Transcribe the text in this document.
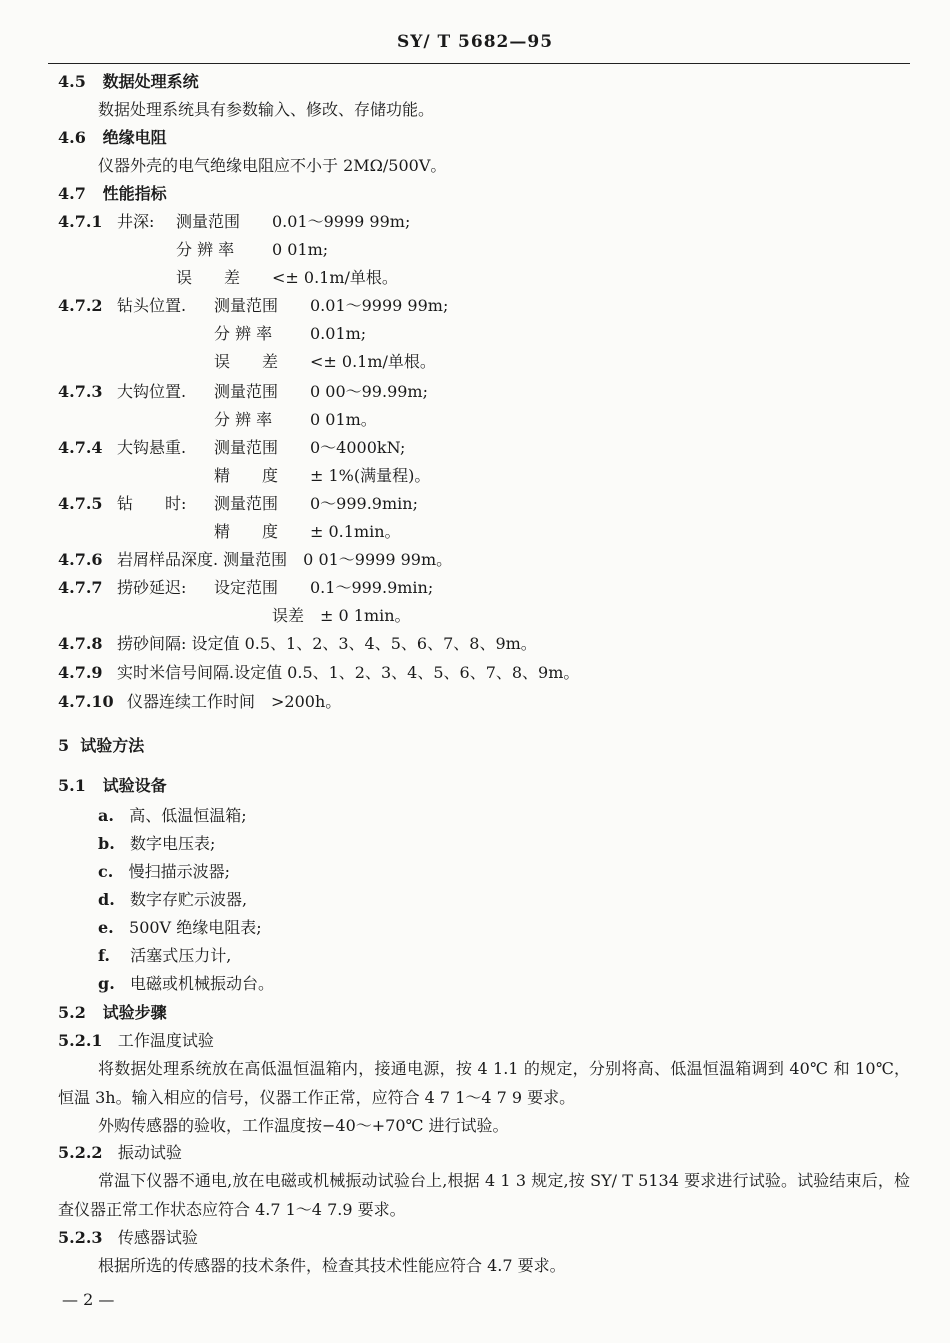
SY/ T 5682—95
4.5 数据处理系统
数据处理系统具有参数输入、修改、存储功能。
4.6 绝缘电阻
仪器外壳的电气绝缘电阻应不小于 2MΩ/500V。
4.7 性能指标
4.7.1 井深: 测量范围 0.01～9999 99m;
分 辨 率 0 01m;
误　　差 <± 0.1m/单根。
4.7.2 钻头位置. 测量范围 0.01～9999 99m;
分 辨 率 0.01m;
误　　差 <± 0.1m/单根。
4.7.3 大钩位置. 测量范围 0 00～99.99m;
分 辨 率 0 01m。
4.7.4 大钩悬重. 测量范围 0～4000kN;
精　　度 ± 1%(满量程)。
4.7.5 钻　　时: 测量范围 0～999.9min;
精　　度 ± 0.1min。
4.7.6 岩屑样品深度. 测量范围　0 01～9999 99m。
4.7.7 捞砂延迟: 设定范围 0.1～999.9min;
误差　± 0 1min。
4.7.8 捞砂间隔: 设定值 0.5、1、2、3、4、5、6、7、8、9m。
4.7.9 实时米信号间隔.设定值 0.5、1、2、3、4、5、6、7、8、9m。
4.7.10 仪器连续工作时间　>200h。
5 试验方法
5.1 试验设备
a. 高、低温恒温箱;
b. 数字电压表;
c. 慢扫描示波器;
d. 数字存贮示波器,
e. 500V 绝缘电阻表;
f. 活塞式压力计,
g. 电磁或机械振动台。
5.2 试验步骤
5.2.1 工作温度试验
将数据处理系统放在高低温恒温箱内，接通电源，按 4 1.1 的规定，分别将高、低温恒温箱调到 40℃ 和 10℃，恒温 3h。输入相应的信号，仪器工作正常，应符合 4 7 1～4 7 9 要求。
外购传感器的验收，工作温度按−40～+70℃ 进行试验。
5.2.2 振动试验
常温下仪器不通电,放在电磁或机械振动试验台上,根据 4 1 3 规定,按 SY/ T 5134 要求进行试验。试验结束后，检查仪器正常工作状态应符合 4.7 1～4 7.9 要求。
5.2.3 传感器试验
根据所选的传感器的技术条件，检查其技术性能应符合 4.7 要求。
— 2 —
